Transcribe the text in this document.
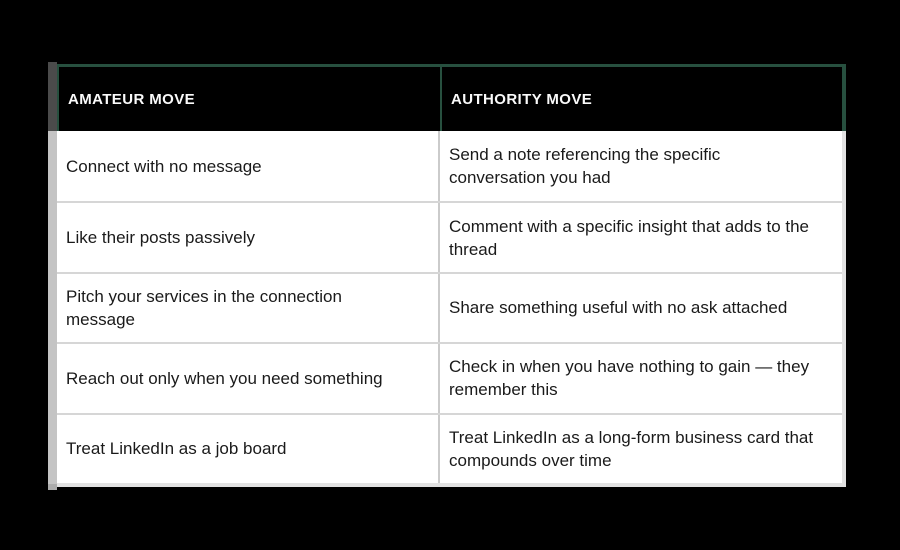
AMATEUR MOVE	AUTHORITY MOVE
Connect with no message
Send a note referencing the specific conversation you had
Like their posts passively
Comment with a specific insight that adds to the thread
Pitch your services in the connection message
Share something useful with no ask attached
Reach out only when you need something
Check in when you have nothing to gain — they remember this
Treat LinkedIn as a job board
Treat LinkedIn as a long-form business card that compounds over time
